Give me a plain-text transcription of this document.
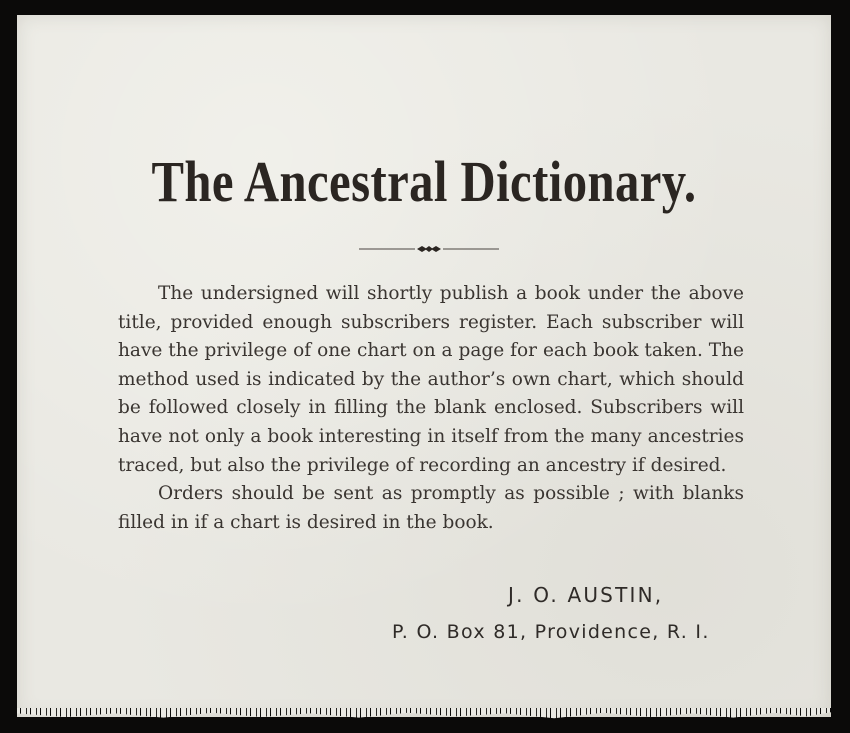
The Ancestral Dictionary.

The undersigned will shortly publish a book under the above title, provided enough subscribers register. Each subscriber will have the privilege of one chart on a page for each book taken. The method used is indicated by the author’s own chart, which should be followed closely in filling the blank enclosed. Subscribers will have not only a book interesting in itself from the many ancestries traced, but also the privilege of recording an ancestry if desired.

Orders should be sent as promptly as possible ; with blanks filled in if a chart is desired in the book.

J. O. AUSTIN,
P. O. Box 81, Providence, R. I.
